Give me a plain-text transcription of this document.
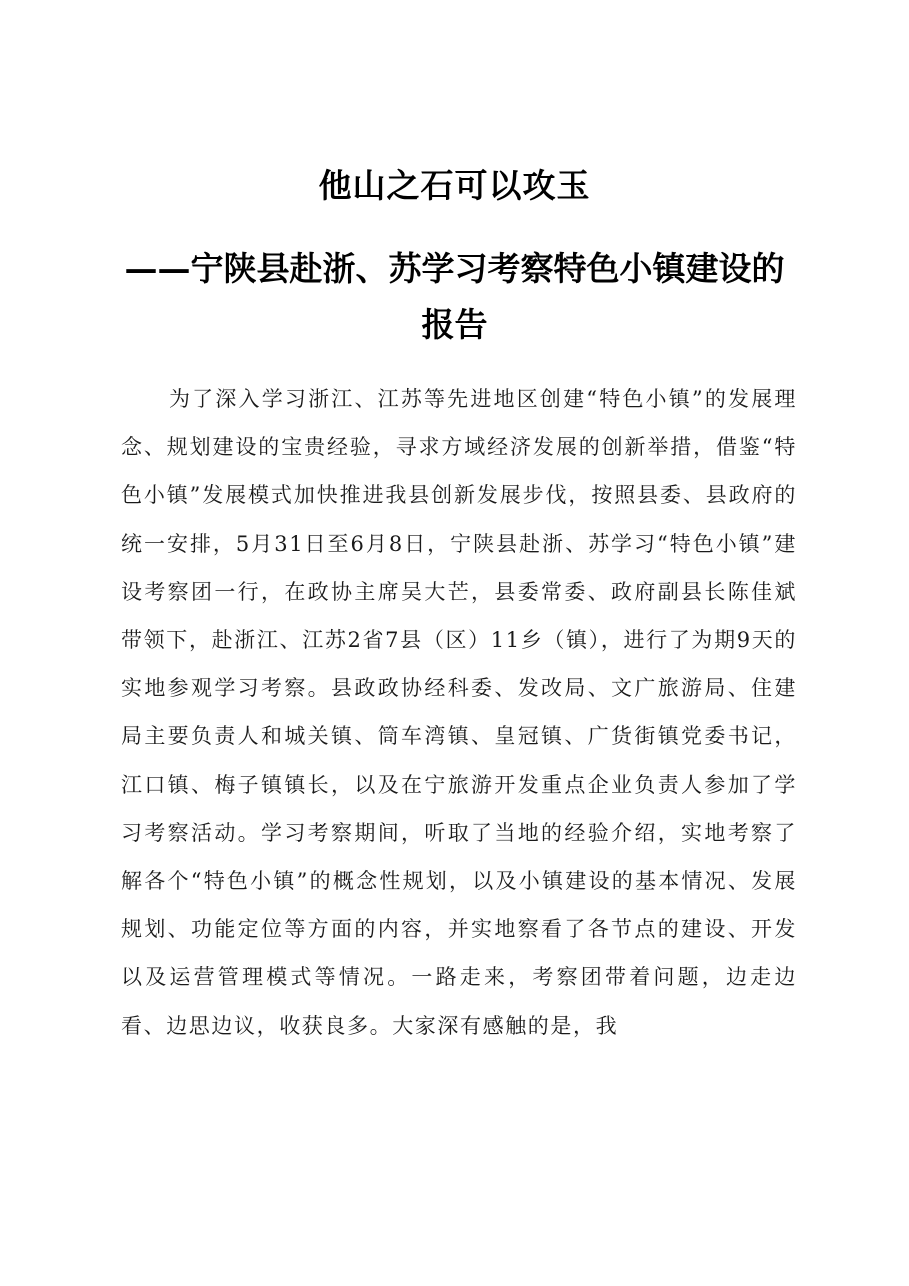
他山之石可以攻玉
——宁陕县赴浙、苏学习考察特色小镇建设的报告

为了深入学习浙江、江苏等先进地区创建“特色小镇”的发展理念、规划建设的宝贵经验，寻求方域经济发展的创新举措，借鉴“特色小镇”发展模式加快推进我县创新发展步伐，按照县委、县政府的统一安排，5月31日至6月8日，宁陕县赴浙、苏学习“特色小镇”建设考察团一行，在政协主席吴大芒，县委常委、政府副县长陈佳斌带领下，赴浙江、江苏2省7县（区）11乡（镇），进行了为期9天的实地参观学习考察。县政政协经科委、发改局、文广旅游局、住建局主要负责人和城关镇、筒车湾镇、皇冠镇、广货街镇党委书记，江口镇、梅子镇镇长，以及在宁旅游开发重点企业负责人参加了学习考察活动。学习考察期间，听取了当地的经验介绍，实地考察了解各个“特色小镇”的概念性规划，以及小镇建设的基本情况、发展规划、功能定位等方面的内容，并实地察看了各节点的建设、开发以及运营管理模式等情况。一路走来，考察团带着问题，边走边看、边思边议，收获良多。大家深有感触的是，我
